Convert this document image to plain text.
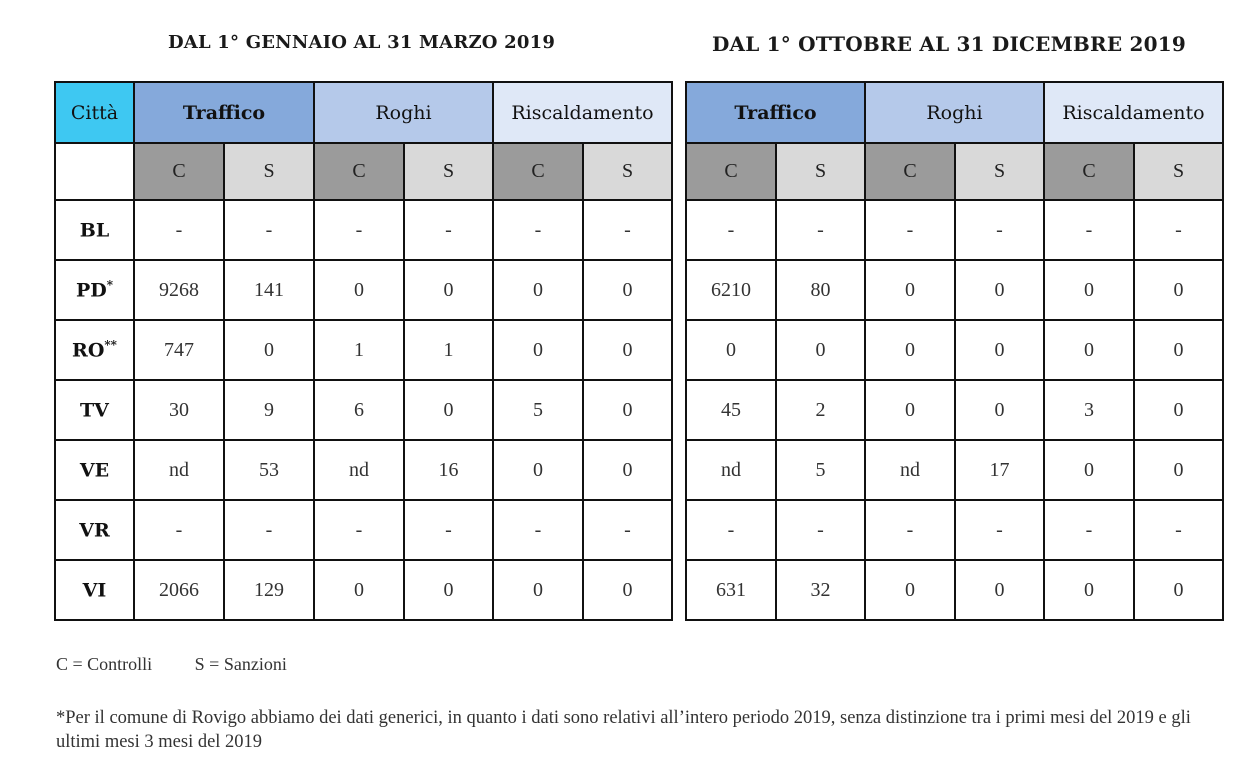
DAL 1° GENNAIO AL 31 MARZO 2019	DAL 1° OTTOBRE AL 31 DICEMBRE 2019
Città	Traffico		Roghi		Riscaldamento	
	C	S	C	S	C	S
BL	-	-	-	-	-	-
PD*	9268	141	0	0	0	0
RO**	747	0	1	1	0	0
TV	30	9	6	0	5	0
VE	nd	53	nd	16	0	0
VR	-	-	-	-	-	-
VI	2066	129	0	0	0	0
Traffico		Roghi		Riscaldamento	
C	S	C	S	C	S
-	-	-	-	-	-
6210	80	0	0	0	0
0	0	0	0	0	0
45	2	0	0	3	0
nd	5	nd	17	0	0
-	-	-	-	-	-
631	32	0	0	0	0
C = Controlli S = Sanzioni
*Per il comune di Rovigo abbiamo dei dati generici, in quanto i dati sono relativi all’intero periodo 2019, senza distinzione tra i primi mesi del 2019 e gli ultimi mesi 3 mesi del 2019
